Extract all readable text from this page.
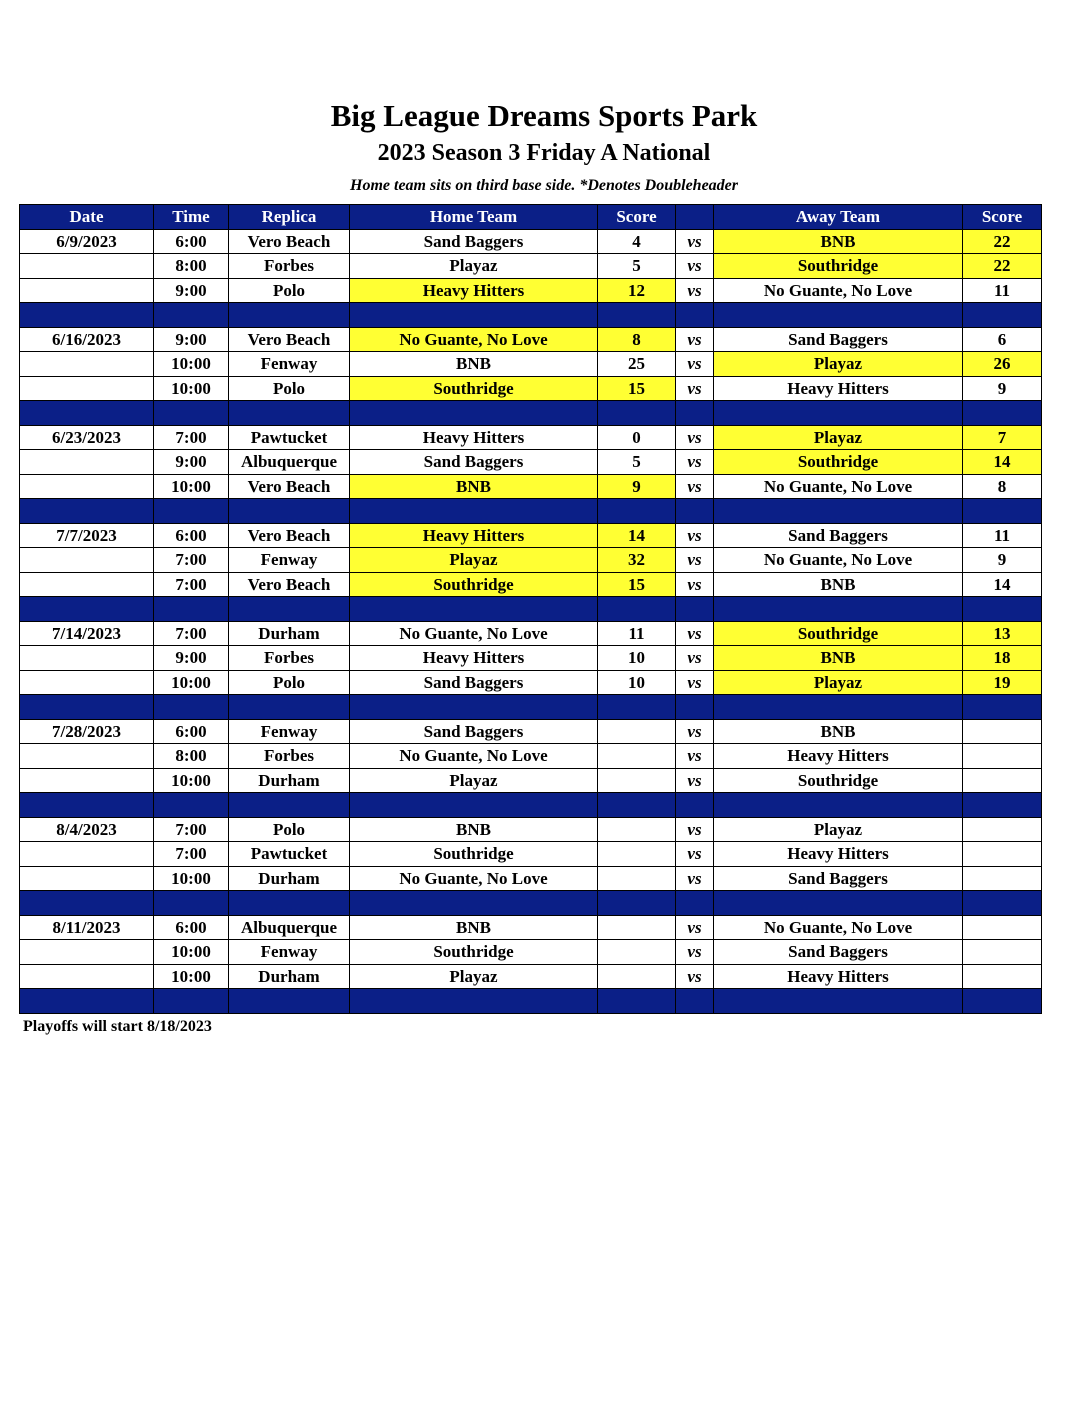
Big League Dreams Sports Park
2023 Season 3 Friday A National
Home team sits on third base side. *Denotes Doubleheader
Date	Time	Replica	Home Team	Score		Away Team	Score
6/9/2023	6:00	Vero Beach	Sand Baggers	4	vs	BNB	22
	8:00	Forbes	Playaz	5	vs	Southridge	22
	9:00	Polo	Heavy Hitters	12	vs	No Guante, No Love	11

6/16/2023	9:00	Vero Beach	No Guante, No Love	8	vs	Sand Baggers	6
	10:00	Fenway	BNB	25	vs	Playaz	26
	10:00	Polo	Southridge	15	vs	Heavy Hitters	9

6/23/2023	7:00	Pawtucket	Heavy Hitters	0	vs	Playaz	7
	9:00	Albuquerque	Sand Baggers	5	vs	Southridge	14
	10:00	Vero Beach	BNB	9	vs	No Guante, No Love	8

7/7/2023	6:00	Vero Beach	Heavy Hitters	14	vs	Sand Baggers	11
	7:00	Fenway	Playaz	32	vs	No Guante, No Love	9
	7:00	Vero Beach	Southridge	15	vs	BNB	14

7/14/2023	7:00	Durham	No Guante, No Love	11	vs	Southridge	13
	9:00	Forbes	Heavy Hitters	10	vs	BNB	18
	10:00	Polo	Sand Baggers	10	vs	Playaz	19

7/28/2023	6:00	Fenway	Sand Baggers		vs	BNB	
	8:00	Forbes	No Guante, No Love		vs	Heavy Hitters	
	10:00	Durham	Playaz		vs	Southridge	

8/4/2023	7:00	Polo	BNB		vs	Playaz	
	7:00	Pawtucket	Southridge		vs	Heavy Hitters	
	10:00	Durham	No Guante, No Love		vs	Sand Baggers	

8/11/2023	6:00	Albuquerque	BNB		vs	No Guante, No Love	
	10:00	Fenway	Southridge		vs	Sand Baggers	
	10:00	Durham	Playaz		vs	Heavy Hitters	

Playoffs will start 8/18/2023
